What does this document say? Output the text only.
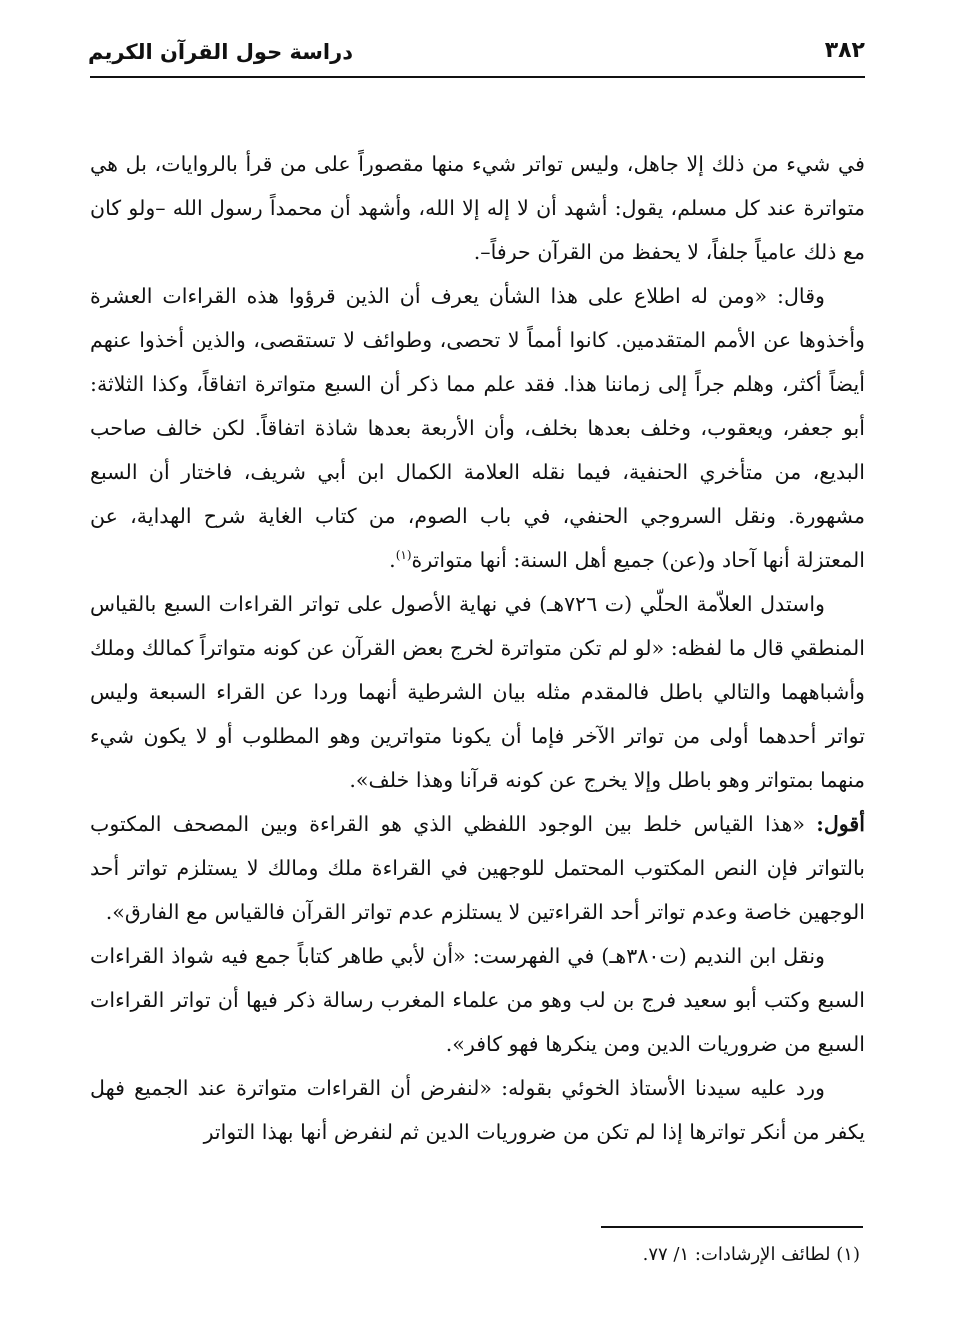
٣٨٢
دراسة حول القرآن الكريم

في شيء من ذلك إلا جاهل، وليس تواتر شيء منها مقصوراً على من قرأ بالروايات، بل هي متواترة عند كل مسلم، يقول: أشهد أن لا إله إلا الله، وأشهد أن محمداً رسول الله –ولو كان مع ذلك عامياً جلفاً، لا يحفظ من القرآن حرفاً–.

وقال: «ومن له اطلاع على هذا الشأن يعرف أن الذين قرؤوا هذه القراءات العشرة وأخذوها عن الأمم المتقدمين. كانوا أمماً لا تحصى، وطوائف لا تستقصى، والذين أخذوا عنهم أيضاً أكثر، وهلم جراً إلى زماننا هذا. فقد علم مما ذكر أن السبع متواترة اتفاقاً، وكذا الثلاثة: أبو جعفر، ويعقوب، وخلف بعدها بخلف، وأن الأربعة بعدها شاذة اتفاقاً. لكن خالف صاحب البديع، من متأخري الحنفية، فيما نقله العلامة الكمال ابن أبي شريف، فاختار أن السبع مشهورة. ونقل السروجي الحنفي، في باب الصوم، من كتاب الغاية شرح الهداية، عن المعتزلة أنها آحاد و(عن) جميع أهل السنة: أنها متواترة$^{(١)}$.

واستدل العلاّمة الحلّي (ت ٧٢٦هـ) في نهاية الأصول على تواتر القراءات السبع بالقياس المنطقي قال ما لفظه: «لو لم تكن متواترة لخرج بعض القرآن عن كونه متواتراً كمالك وملك وأشباههما والتالي باطل فالمقدم مثله بيان الشرطية أنهما وردا عن القراء السبعة وليس تواتر أحدهما أولى من تواتر الآخر فإما أن يكونا متواترين وهو المطلوب أو لا يكون شيء منهما بمتواتر وهو باطل وإلا يخرج عن كونه قرآنا وهذا خلف».

أقول: «هذا القياس خلط بين الوجود اللفظي الذي هو القراءة وبين المصحف المكتوب بالتواتر فإن النص المكتوب المحتمل للوجهين في القراءة ملك ومالك لا يستلزم تواتر أحد الوجهين خاصة وعدم تواتر أحد القراءتين لا يستلزم عدم تواتر القرآن فالقياس مع الفارق».

ونقل ابن النديم (ت٣٨٠هـ) في الفهرست: «أن لأبي طاهر كتاباً جمع فيه شواذ القراءات السبع وكتب أبو سعيد فرج بن لب وهو من علماء المغرب رسالة ذكر فيها أن تواتر القراءات السبع من ضروريات الدين ومن ينكرها فهو كافر».

ورد عليه سيدنا الأستاذ الخوئي بقوله: «لنفرض أن القراءات متواترة عند الجميع فهل يكفر من أنكر تواترها إذا لم تكن من ضروريات الدين ثم لنفرض أنها بهذا التواتر

(١) لطائف الإرشادات: ١/ ٧٧.
